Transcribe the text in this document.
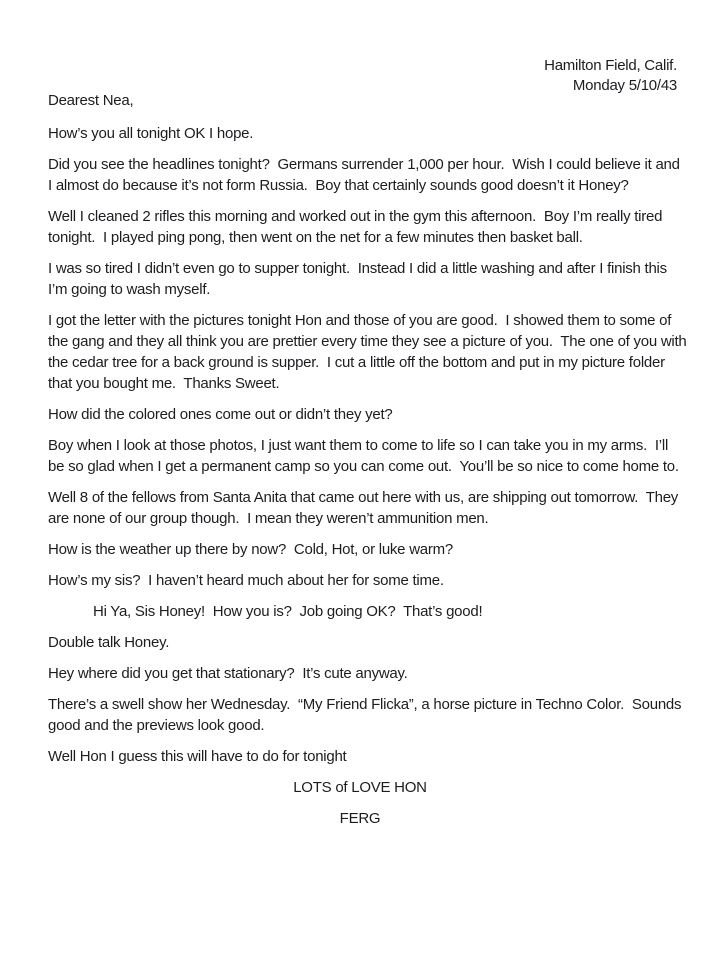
Hamilton Field, Calif.
Monday 5/10/43
Dearest Nea,

How’s you all tonight OK I hope.

Did you see the headlines tonight?  Germans surrender 1,000 per hour.  Wish I could believe it and I almost do because it’s not form Russia.  Boy that certainly sounds good doesn’t it Honey?

Well I cleaned 2 rifles this morning and worked out in the gym this afternoon.  Boy I’m really tired tonight.  I played ping pong, then went on the net for a few minutes then basket ball.

I was so tired I didn’t even go to supper tonight.  Instead I did a little washing and after I finish this I’m going to wash myself.

I got the letter with the pictures tonight Hon and those of you are good.  I showed them to some of the gang and they all think you are prettier every time they see a picture of you.  The one of you with the cedar tree for a back ground is supper.  I cut a little off the bottom and put in my picture folder that you bought me.  Thanks Sweet.

How did the colored ones come out or didn’t they yet?

Boy when I look at those photos, I just want them to come to life so I can take you in my arms.  I’ll be so glad when I get a permanent camp so you can come out.  You’ll be so nice to come home to.

Well 8 of the fellows from Santa Anita that came out here with us, are shipping out tomorrow.  They are none of our group though.  I mean they weren’t ammunition men.

How is the weather up there by now?  Cold, Hot, or luke warm?

How’s my sis?  I haven’t heard much about her for some time.

Hi Ya, Sis Honey!  How you is?  Job going OK?  That’s good!

Double talk Honey.

Hey where did you get that stationary?  It’s cute anyway.

There’s a swell show her Wednesday.  “My Friend Flicka”, a horse picture in Techno Color.  Sounds good and the previews look good.

Well Hon I guess this will have to do for tonight

LOTS of LOVE HON
FERG
